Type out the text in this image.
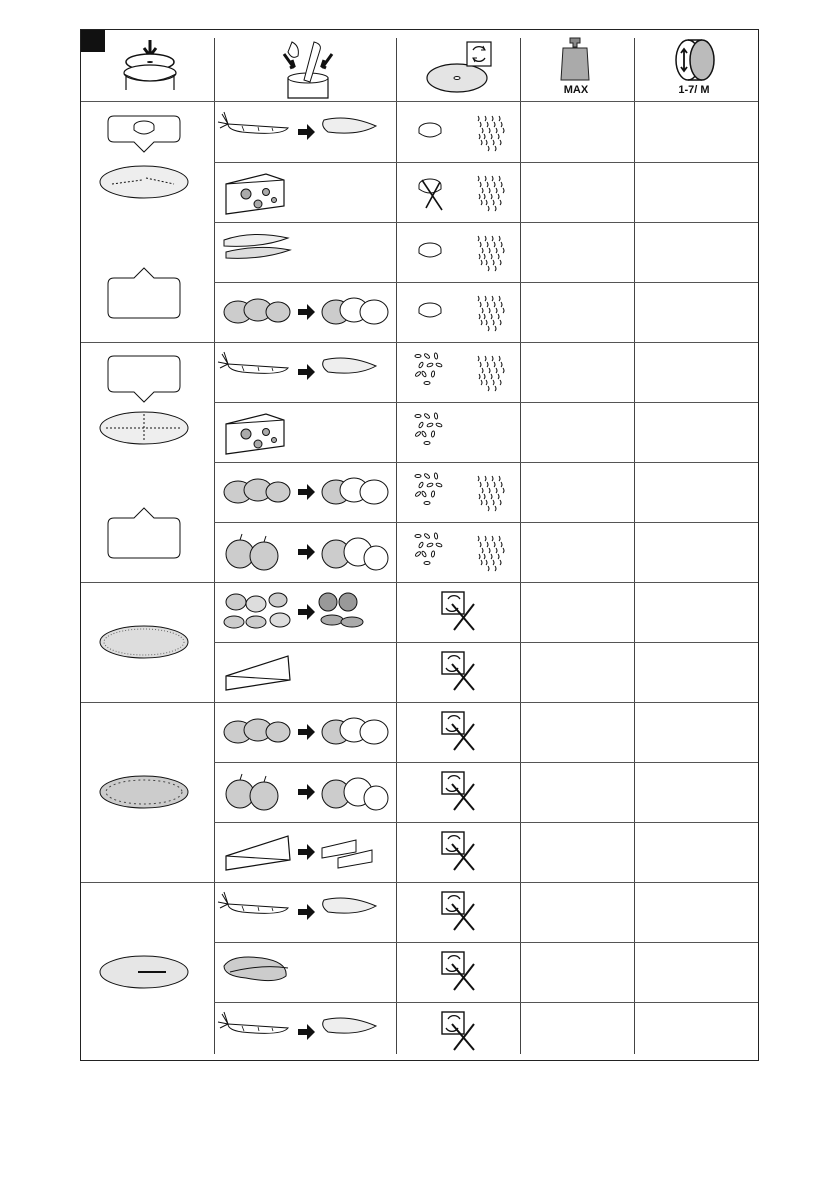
MAX	1-7/ M
